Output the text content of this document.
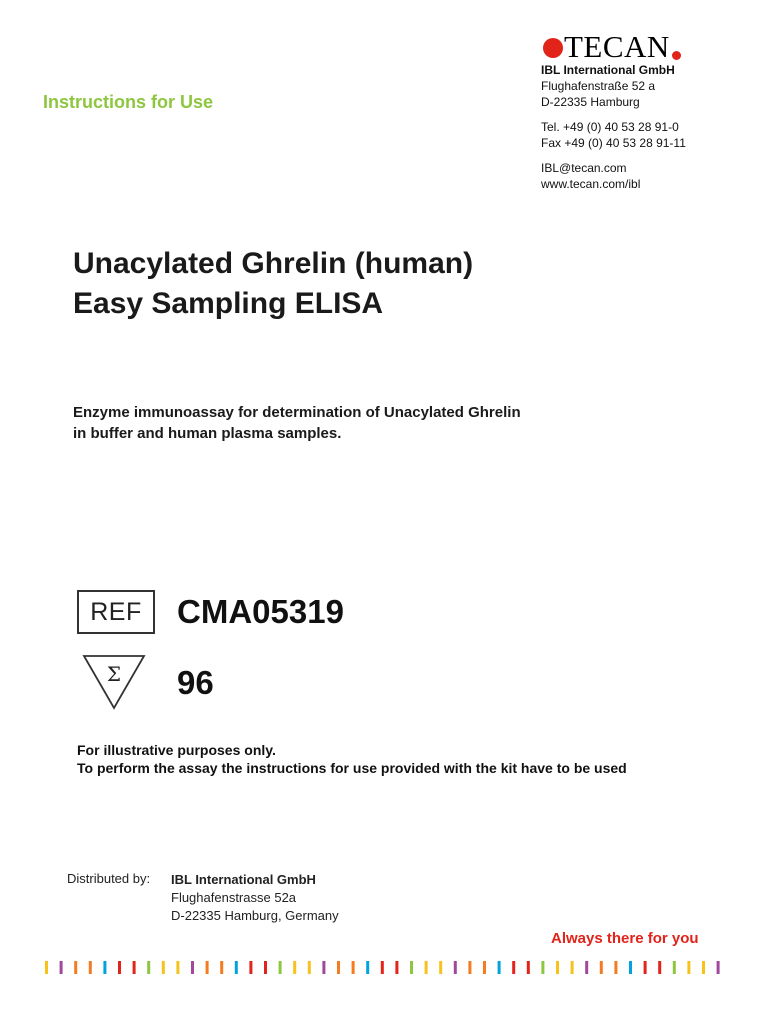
TECAN
IBL International GmbH
Flughafenstraße 52 a
D-22335 Hamburg
Tel. +49 (0) 40 53 28 91-0
Fax +49 (0) 40 53 28 91-11
IBL@tecan.com
www.tecan.com/ibl
Instructions for Use
Unacylated Ghrelin (human)
Easy Sampling ELISA
Enzyme immunoassay for determination of Unacylated Ghrelin
in buffer and human plasma samples.
REF CMA05319
Σ 96
For illustrative purposes only.
To perform the assay the instructions for use provided with the kit have to be used
Distributed by: IBL International GmbH
Flughafenstrasse 52a
D-22335 Hamburg, Germany
Always there for you
